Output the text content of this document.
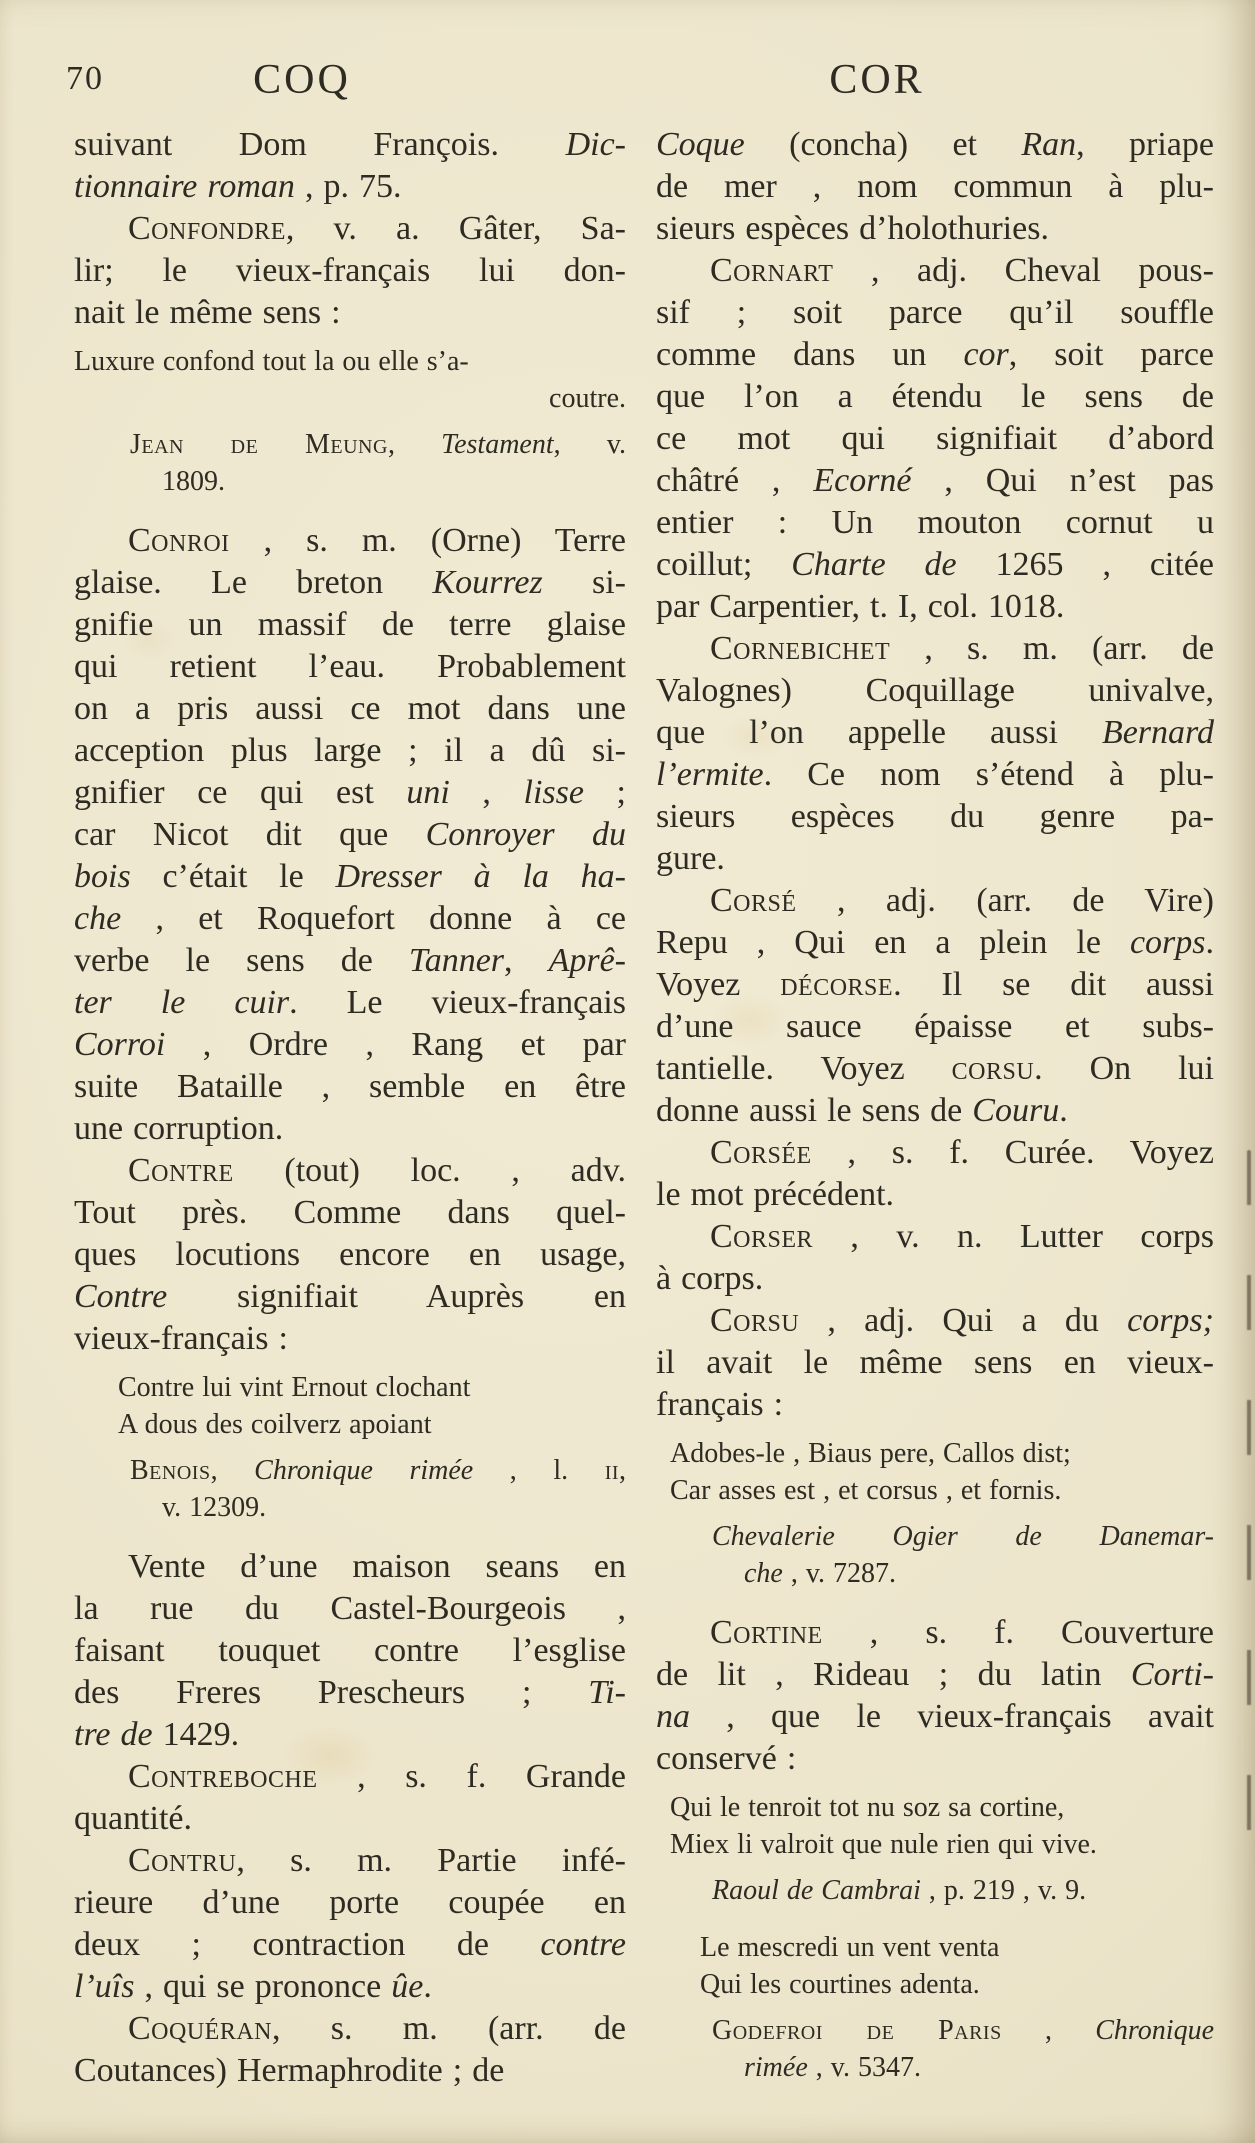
70	COQ	COR
suivant Dom François. Dic-
tionnaire roman , p. 75.
Confondre, v. a. Gâter, Sa-
lir; le vieux-français lui don-
nait le même sens :
Luxure confond tout la ou elle s’a-
coutre.
Jean de Meung, Testament, v.
1809.
Conroi , s. m. (Orne) Terre
glaise. Le breton Kourrez si-
gnifie un massif de terre glaise
qui retient l’eau. Probablement
on a pris aussi ce mot dans une
acception plus large ; il a dû si-
gnifier ce qui est uni , lisse ;
car Nicot dit que Conroyer du
bois c’était le Dresser à la ha-
che , et Roquefort donne à ce
verbe le sens de Tanner, Aprê-
ter le cuir. Le vieux-français
Corroi , Ordre , Rang et par
suite Bataille , semble en être
une corruption.
Contre (tout) loc. , adv.
Tout près. Comme dans quel-
ques locutions encore en usage,
Contre signifiait Auprès en
vieux-français :
Contre lui vint Ernout clochant
A dous des coilverz apoiant
Benois, Chronique rimée , l. ii,
v. 12309.
Vente d’une maison seans en
la rue du Castel-Bourgeois ,
faisant touquet contre l’esglise
des Freres Prescheurs ; Ti-
tre de 1429.
Contreboche , s. f. Grande
quantité.
Contru, s. m. Partie infé-
rieure d’une porte coupée en
deux ; contraction de contre
l’uîs , qui se prononce ûe.
Coquéran, s. m. (arr. de
Coutances) Hermaphrodite ; de
Coque (concha) et Ran, priape
de mer , nom commun à plu-
sieurs espèces d’holothuries.
Cornart , adj. Cheval pous-
sif ; soit parce qu’il souffle
comme dans un cor, soit parce
que l’on a étendu le sens de
ce mot qui signifiait d’abord
châtré , Ecorné , Qui n’est pas
entier : Un mouton cornut u
coillut; Charte de 1265 , citée
par Carpentier, t. I, col. 1018.
Cornebichet , s. m. (arr. de
Valognes) Coquillage univalve,
que l’on appelle aussi Bernard
l’ermite. Ce nom s’étend à plu-
sieurs espèces du genre pa-
gure.
Corsé , adj. (arr. de Vire)
Repu , Qui en a plein le corps.
Voyez décorse. Il se dit aussi
d’une sauce épaisse et subs-
tantielle. Voyez corsu. On lui
donne aussi le sens de Couru.
Corsée , s. f. Curée. Voyez
le mot précédent.
Corser , v. n. Lutter corps
à corps.
Corsu , adj. Qui a du corps;
il avait le même sens en vieux-
français :
Adobes-le , Biaus pere, Callos dist;
Car asses est , et corsus , et fornis.
Chevalerie Ogier de Danemar-
che , v. 7287.
Cortine , s. f. Couverture
de lit , Rideau ; du latin Corti-
na , que le vieux-français avait
conservé :
Qui le tenroit tot nu soz sa cortine,
Miex li valroit que nule rien qui vive.
Raoul de Cambrai , p. 219 , v. 9.
Le mescredi un vent venta
Qui les courtines adenta.
Godefroi de Paris , Chronique
rimée , v. 5347.
